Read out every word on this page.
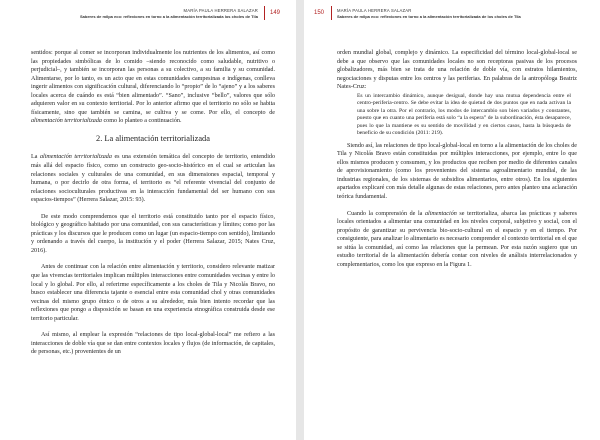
MARÍA PAULA HERRERA SALAZAR
Saberes de milpa eco: reflexiones en torno a la alimentación territorializada los choles de Tila
149

sentidos: porque al comer se incorporan individualmente los nutrientes de los alimentos, así como las propiedades simbólicas de lo comido –siendo reconocido como saludable, nutritivo o perjudicial–, y también se incorporan las personas a su colectivo, a su familia y su comunidad. Alimentarse, por lo tanto, es un acto que en estas comunidades campesinas e indígenas, conlleva ingerir alimentos con significación cultural, diferenciando lo “propio” de lo “ajeno” y a los saberes locales acerca de cuándo es está “bien alimentado”. “Sano”, inclusive “bello”, valores que sólo adquieren valor en su contexto territorial. Por lo anterior afirmo que el territorio no sólo se habita físicamente, sino que también se camina, se cultiva y se come. Por ello, el concepto de alimentación territorializada como lo planteo a continuación.

2. La alimentación territorializada

La alimentación territorializada es una extensión temática del concepto de territorio, entendido más allá del espacio físico, como un constructo geo-socio-histórico en el cual se articulan las relaciones sociales y culturales de una comunidad, en sus dimensiones espacial, temporal y humana, o por decirlo de otra forma, el territorio es “el referente vivencial del conjunto de relaciones socioculturales productivas en la interacción fundamental del ser humano con sus espacios-tiempos” (Herrera Salazar, 2015: 93).

De este modo comprendemos que el territorio está constituido tanto por el espacio físico, biológico y geográfico habitado por una comunidad, con sus características y límites; como por las prácticas y los discursos que le producen como un lugar (un espacio-tiempo con sentido), limitando y ordenando a través del cuerpo, la institución y el poder (Herrera Salazar, 2015; Nates Cruz, 2016).

Antes de continuar con la relación entre alimentación y territorio, considero relevante matizar que las vivencias territoriales implican múltiples interacciones entre comunidades vecinas y entre lo local y lo global. Por ello, al referirme específicamente a los choles de Tila y Nicolás Bravo, no busco establecer una diferencia tajante o esencial entre esta comunidad chol y otras comunidades vecinas del mismo grupo étnico o de otros a su alrededor, más bien intento recordar que las reflexiones que pongo a disposición se basan en una experiencia etnográfica construida desde ese territorio particular.

Así mismo, al emplear la expresión “relaciones de tipo local-global-local” me refiero a las interacciones de doble vía que se dan entre contextos locales y flujos (de información, de capitales, de personas, etc.) provenientes de un

150	MARÍA PAULA HERRERA SALAZAR
Saberes de milpa eco: reflexiones en torno a la alimentación territorializada de los choles de Tila

orden mundial global, complejo y dinámico. La especificidad del término local-global-local se debe a que observo que las comunidades locales no son receptoras pasivas de los procesos globalizadores, más bien se trata de una relación de doble vía, con estratos hilamientos, negociaciones y disputas entre los centros y las periferias. En palabras de la antropóloga Beatriz Nates-Cruz:

Es un intercambio dinámico, aunque desigual, donde hay una mutua dependencia entre el centro-periferia-centro. Se debe evitar la idea de quietud de dos puntos que en nada activan la una sobre la otra. Por el contrario, los modos de intercambio son bien variados y constantes, puesto que en cuanto una periferia está solo “a la espera” de la subordinación, ésta desaparece, pues lo que la mantiene es su sentido de movilidad y en ciertos casos, hasta la búsqueda de beneficio de su condición (2011: 219).

Siendo así, las relaciones de tipo local-global-local en torno a la alimentación de los choles de Tila y Nicolás Bravo están constituidas por múltiples interacciones, por ejemplo, entre lo que ellos mismos producen y consumen, y los productos que reciben por medio de diferentes canales de aprovisionamiento (como los provenientes del sistema agroalimentario mundial, de las industrias regionales, de los sistemas de subsidios alimentarios, entre otros). En los siguientes apartados explicaré con más detalle algunas de estas relaciones, pero antes planteo una aclaración teórica fundamental.

Cuando la comprensión de la alimentación se territorializa, abarca las prácticas y saberes locales orientados a alimentar una comunidad en los niveles corporal, subjetivo y social, con el propósito de garantizar su pervivencia bio-socio-cultural en el espacio y en el tiempo. Por consiguiente, para analizar lo alimentario es necesario comprender el contexto territorial en el que se sitúa la comunidad, así como las relaciones que la permean. Por esta razón sugiero que un estudio territorial de la alimentación debería contar con niveles de análisis interrelacionados y complementarios, como los que expreso en la Figura 1.
